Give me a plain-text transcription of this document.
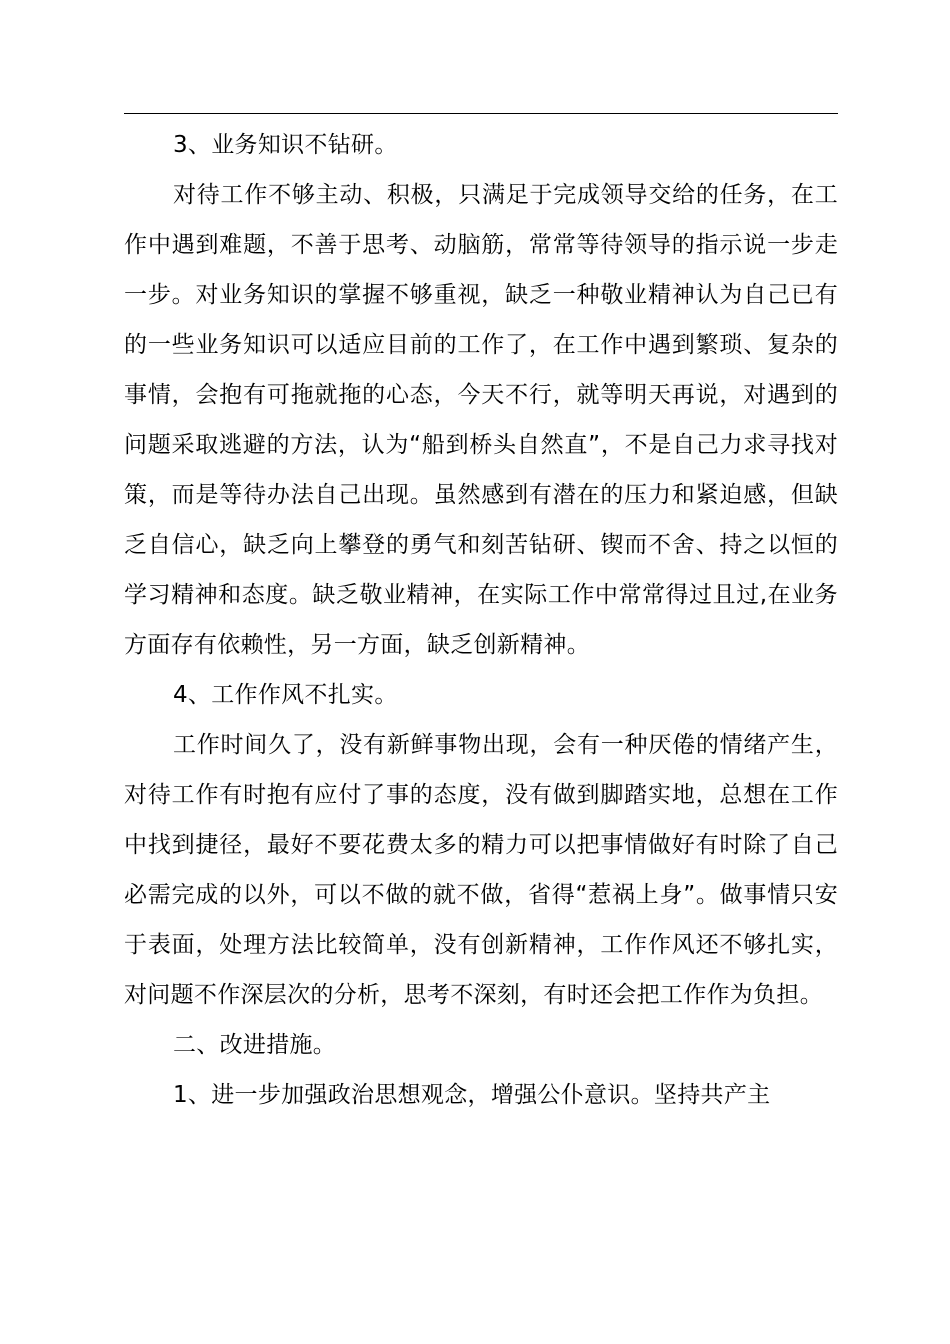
3、业务知识不钻研。

对待工作不够主动、积极，只满足于完成领导交给的任务，在工作中遇到难题，不善于思考、动脑筋，常常等待领导的指示说一步走一步。对业务知识的掌握不够重视，缺乏一种敬业精神认为自己已有的一些业务知识可以适应目前的工作了，在工作中遇到繁琐、复杂的事情，会抱有可拖就拖的心态，今天不行，就等明天再说，对遇到的问题采取逃避的方法，认为“船到桥头自然直”，不是自己力求寻找对策，而是等待办法自己出现。虽然感到有潜在的压力和紧迫感，但缺乏自信心，缺乏向上攀登的勇气和刻苦钻研、锲而不舍、持之以恒的学习精神和态度。缺乏敬业精神，在实际工作中常常得过且过,在业务方面存有依赖性，另一方面，缺乏创新精神。

4、工作作风不扎实。

工作时间久了，没有新鲜事物出现，会有一种厌倦的情绪产生，对待工作有时抱有应付了事的态度，没有做到脚踏实地，总想在工作中找到捷径，最好不要花费太多的精力可以把事情做好有时除了自己必需完成的以外，可以不做的就不做，省得“惹祸上身”。做事情只安于表面，处理方法比较简单，没有创新精神，工作作风还不够扎实，对问题不作深层次的分析，思考不深刻，有时还会把工作作为负担。

二、改进措施。

1、进一步加强政治思想观念，增强公仆意识。坚持共产主
